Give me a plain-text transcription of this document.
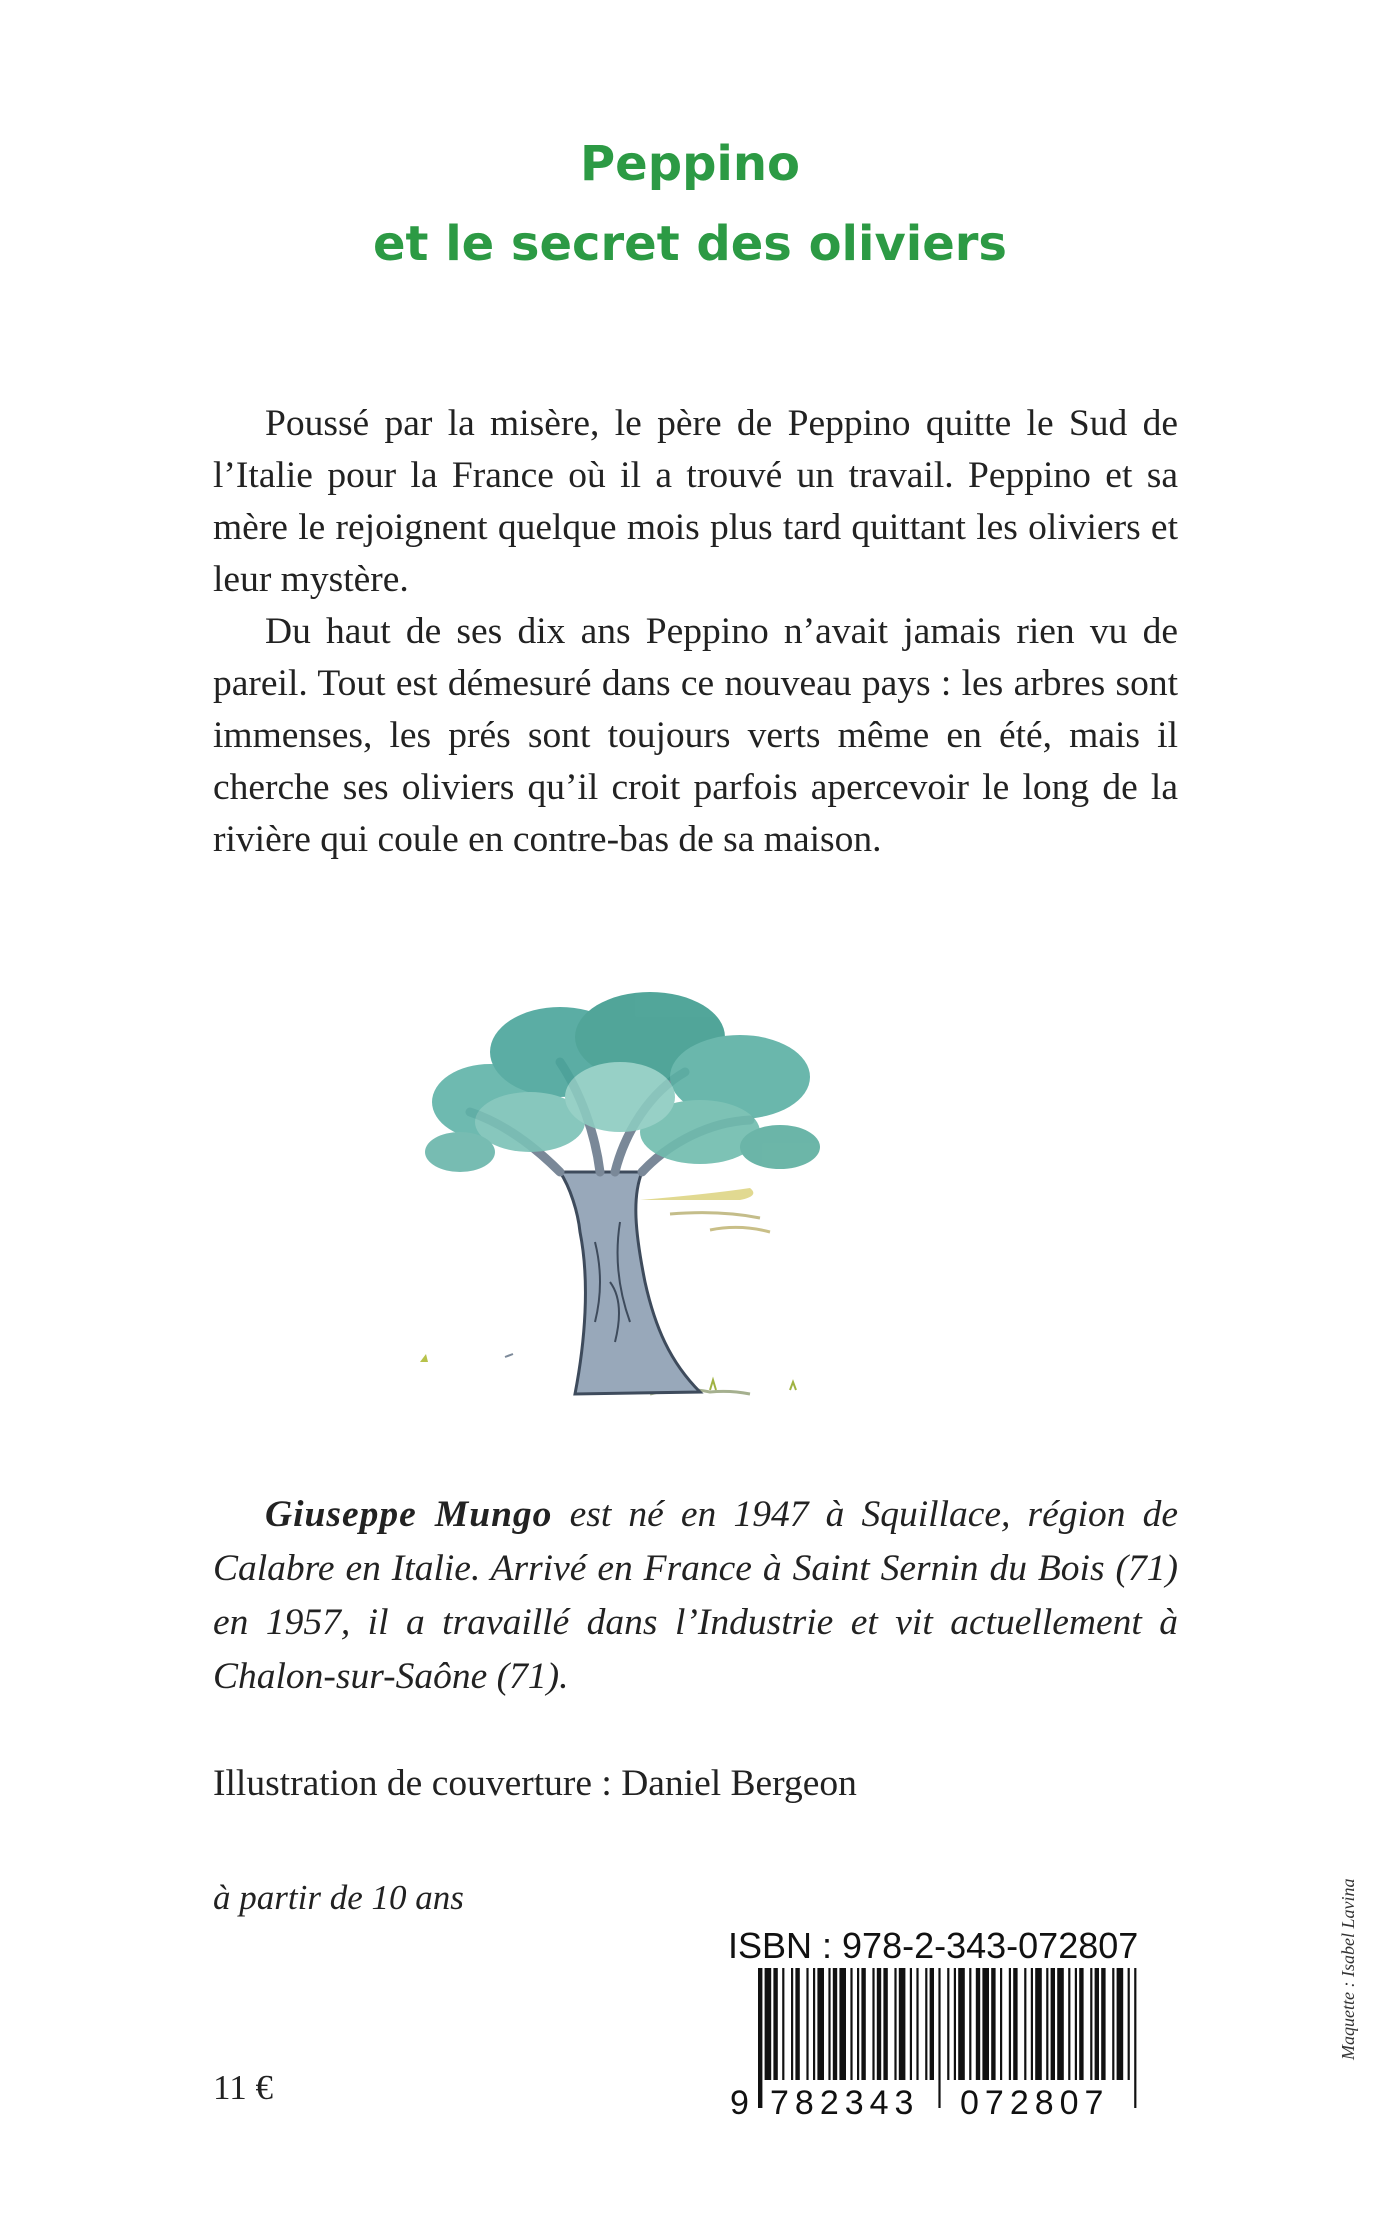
Peppino
et le secret des oliviers

Poussé par la misère, le père de Peppino quitte le Sud de l’Italie pour la France où il a trouvé un travail. Peppino et sa mère le rejoignent quelque mois plus tard quittant les oliviers et leur mystère.

Du haut de ses dix ans Peppino n’avait jamais rien vu de pareil. Tout est démesuré dans ce nouveau pays : les arbres sont immenses, les prés sont toujours verts même en été, mais il cherche ses oliviers qu’il croit parfois apercevoir le long de la rivière qui coule en contre-bas de sa maison.

Giuseppe Mungo est né en 1947 à Squillace, région de Calabre en Italie. Arrivé en France à Saint Sernin du Bois (71) en 1957, il a travaillé dans l’Industrie et vit actuellement à Chalon-sur-Saône (71).

Illustration de couverture : Daniel Bergeon

à partir de 10 ans

11 €

ISBN : 978-2-343-072807

9 782343 072807

Maquette : Isabel Lavina
